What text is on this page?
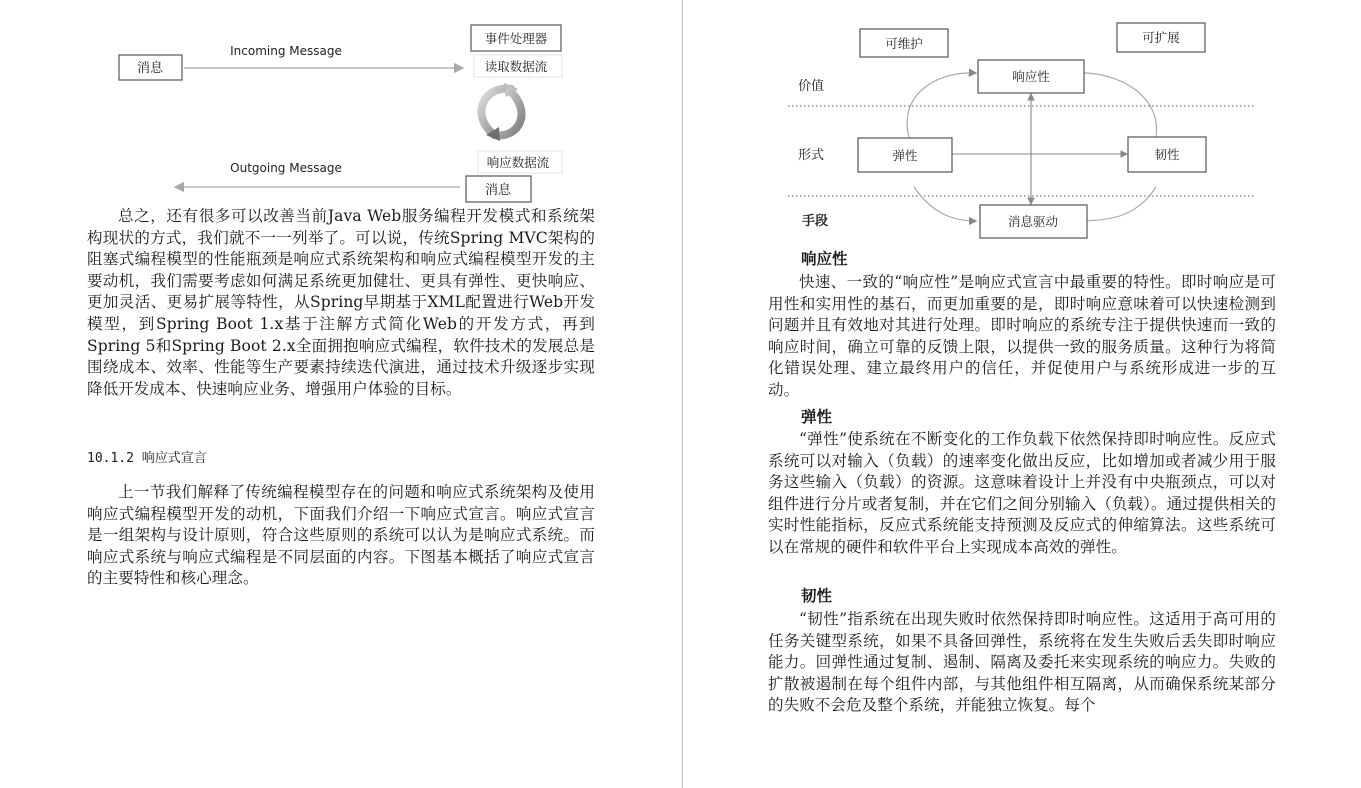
消息
Incoming Message
事件处理器
读取数据流
响应数据流
消息
Outgoing Message

总之，还有很多可以改善当前Java Web服务编程开发模式和系统架构现状的方式，我们就不一一列举了。可以说，传统Spring MVC架构的阻塞式编程模型的性能瓶颈是响应式系统架构和响应式编程模型开发的主要动机，我们需要考虑如何满足系统更加健壮、更具有弹性、更快响应、更加灵活、更易扩展等特性，从Spring早期基于XML配置进行Web开发模型，到Spring Boot 1.x基于注解方式简化Web的开发方式，再到Spring 5和Spring Boot 2.x全面拥抱响应式编程，软件技术的发展总是围绕成本、效率、性能等生产要素持续迭代演进，通过技术升级逐步实现降低开发成本、快速响应业务、增强用户体验的目标。

10.1.2 响应式宣言

上一节我们解释了传统编程模型存在的问题和响应式系统架构及使用响应式编程模型开发的动机，下面我们介绍一下响应式宣言。响应式宣言是一组架构与设计原则，符合这些原则的系统可以认为是响应式系统。而响应式系统与响应式编程是不同层面的内容。下图基本概括了响应式宣言的主要特性和核心理念。

可维护	可扩展
价值
形式
手段
响应性
弹性	韧性
消息驱动

响应性

快速、一致的“响应性”是响应式宣言中最重要的特性。即时响应是可用性和实用性的基石，而更加重要的是，即时响应意味着可以快速检测到问题并且有效地对其进行处理。即时响应的系统专注于提供快速而一致的响应时间，确立可靠的反馈上限，以提供一致的服务质量。这种行为将简化错误处理、建立最终用户的信任，并促使用户与系统形成进一步的互动。

弹性

“弹性”使系统在不断变化的工作负载下依然保持即时响应性。反应式系统可以对输入（负载）的速率变化做出反应，比如增加或者减少用于服务这些输入（负载）的资源。这意味着设计上并没有中央瓶颈点，可以对组件进行分片或者复制，并在它们之间分别输入（负载）。通过提供相关的实时性能指标，反应式系统能支持预测及反应式的伸缩算法。这些系统可以在常规的硬件和软件平台上实现成本高效的弹性。

韧性

“韧性”指系统在出现失败时依然保持即时响应性。这适用于高可用的任务关键型系统，如果不具备回弹性，系统将在发生失败后丢失即时响应能力。回弹性通过复制、遏制、隔离及委托来实现系统的响应力。失败的扩散被遏制在每个组件内部，与其他组件相互隔离，从而确保系统某部分的失败不会危及整个系统，并能独立恢复。每个
